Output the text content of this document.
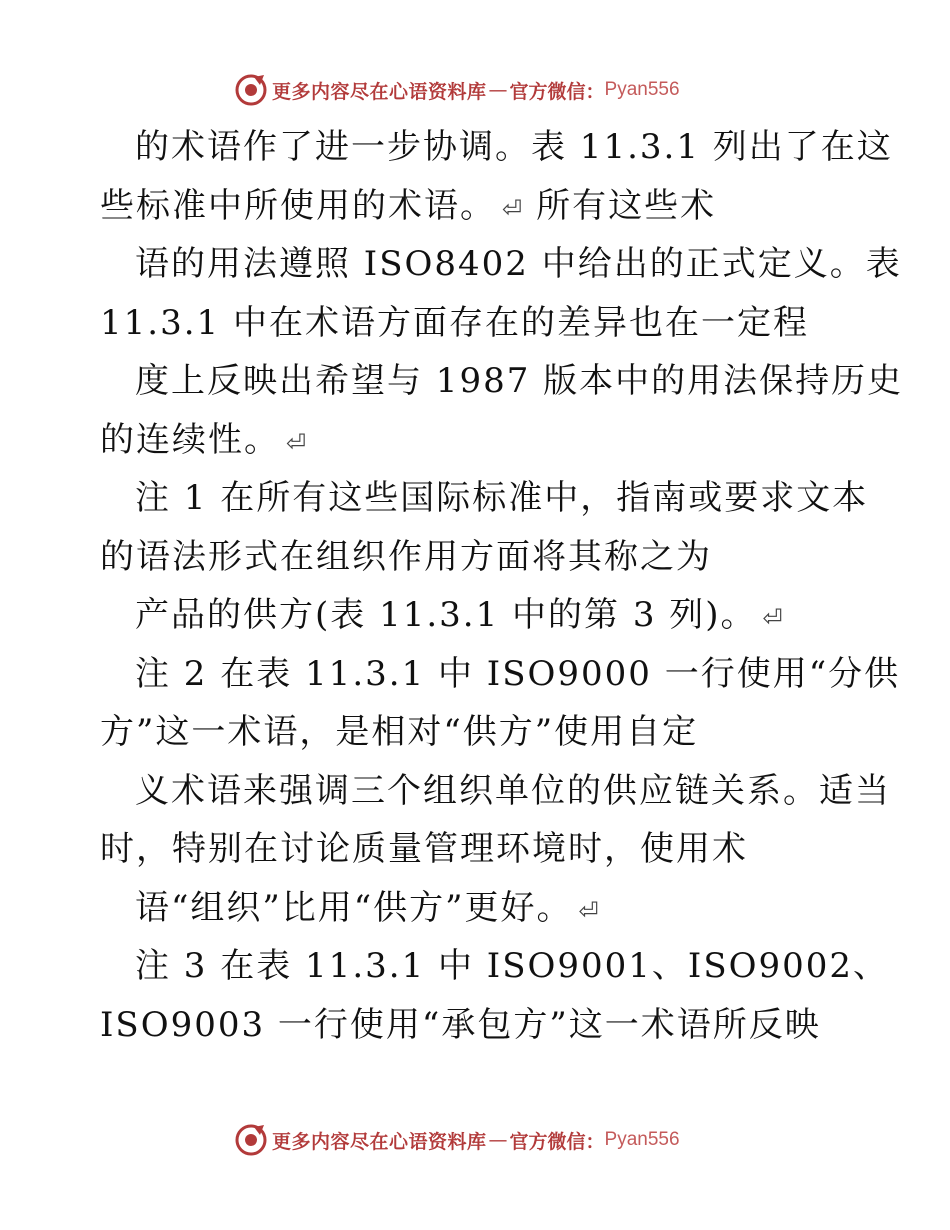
更多内容尽在心语资料库 — 官方微信： Pyan556
的术语作了进一步协调。表 11.3.1 列出了在这
些标准中所使用的术语。 ⏎ 所有这些术
语的用法遵照 ISO8402 中给出的正式定义。表
11.3.1 中在术语方面存在的差异也在一定程
度上反映出希望与 1987 版本中的用法保持历史
的连续性。 ⏎
注 1 在所有这些国际标准中，指南或要求文本
的语法形式在组织作用方面将其称之为
产品的供方(表 11.3.1 中的第 3 列)。 ⏎
注 2 在表 11.3.1 中 ISO9000 一行使用“分供
方”这一术语，是相对“供方”使用自定
义术语来强调三个组织单位的供应链关系。适当
时，特别在讨论质量管理环境时，使用术
语“组织”比用“供方”更好。 ⏎
注 3 在表 11.3.1 中 ISO9001、ISO9002、
ISO9003 一行使用“承包方”这一术语所反映
更多内容尽在心语资料库 — 官方微信： Pyan556
